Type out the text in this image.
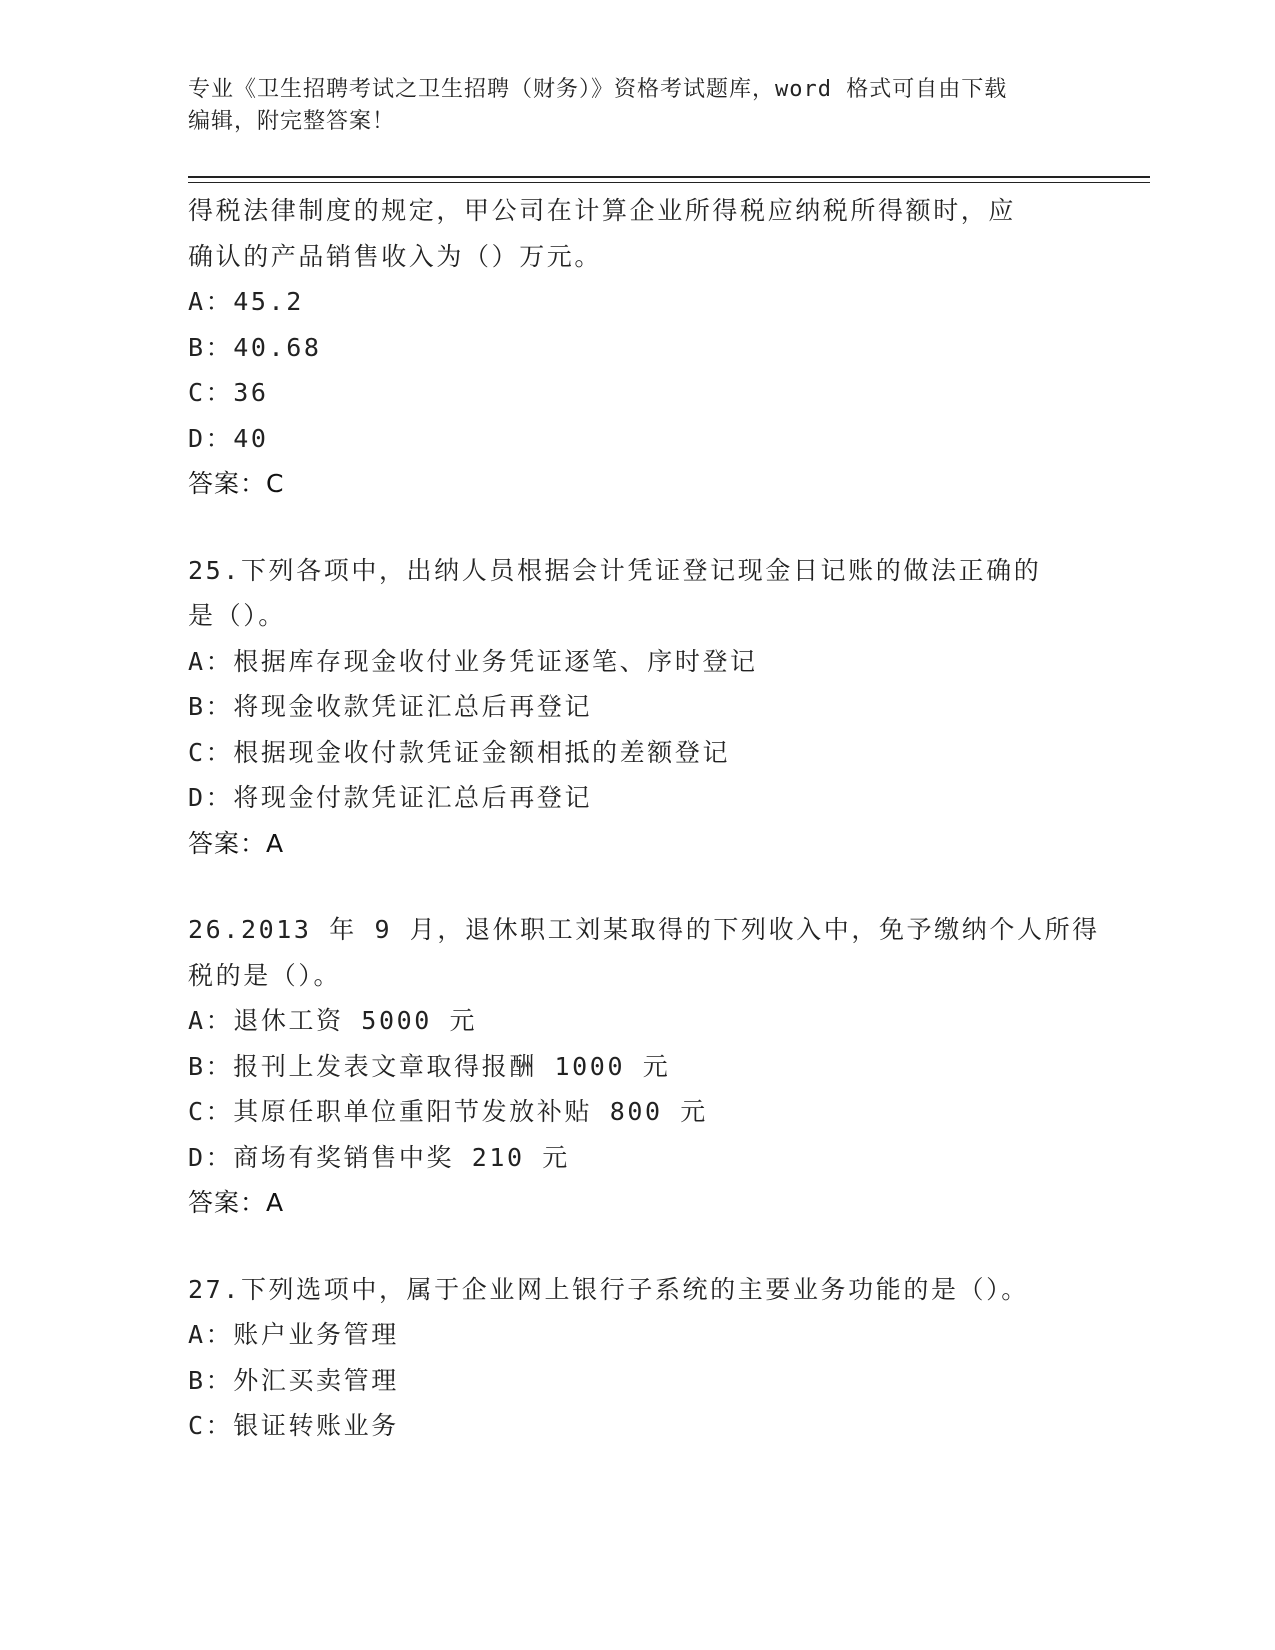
专业《卫生招聘考试之卫生招聘（财务）》资格考试题库，word 格式可自由下载
编辑，附完整答案！
得税法律制度的规定，甲公司在计算企业所得税应纳税所得额时，应
确认的产品销售收入为（）万元。
A：45.2
B：40.68
C：36
D：40
答案：C
25.下列各项中，出纳人员根据会计凭证登记现金日记账的做法正确的
是（）。
A：根据库存现金收付业务凭证逐笔、序时登记
B：将现金收款凭证汇总后再登记
C：根据现金收付款凭证金额相抵的差额登记
D：将现金付款凭证汇总后再登记
答案：A
26.2013 年 9 月，退休职工刘某取得的下列收入中，免予缴纳个人所得
税的是（）。
A：退休工资 5000 元
B：报刊上发表文章取得报酬 1000 元
C：其原任职单位重阳节发放补贴 800 元
D：商场有奖销售中奖 210 元
答案：A
27.下列选项中，属于企业网上银行子系统的主要业务功能的是（）。
A：账户业务管理
B：外汇买卖管理
C：银证转账业务
